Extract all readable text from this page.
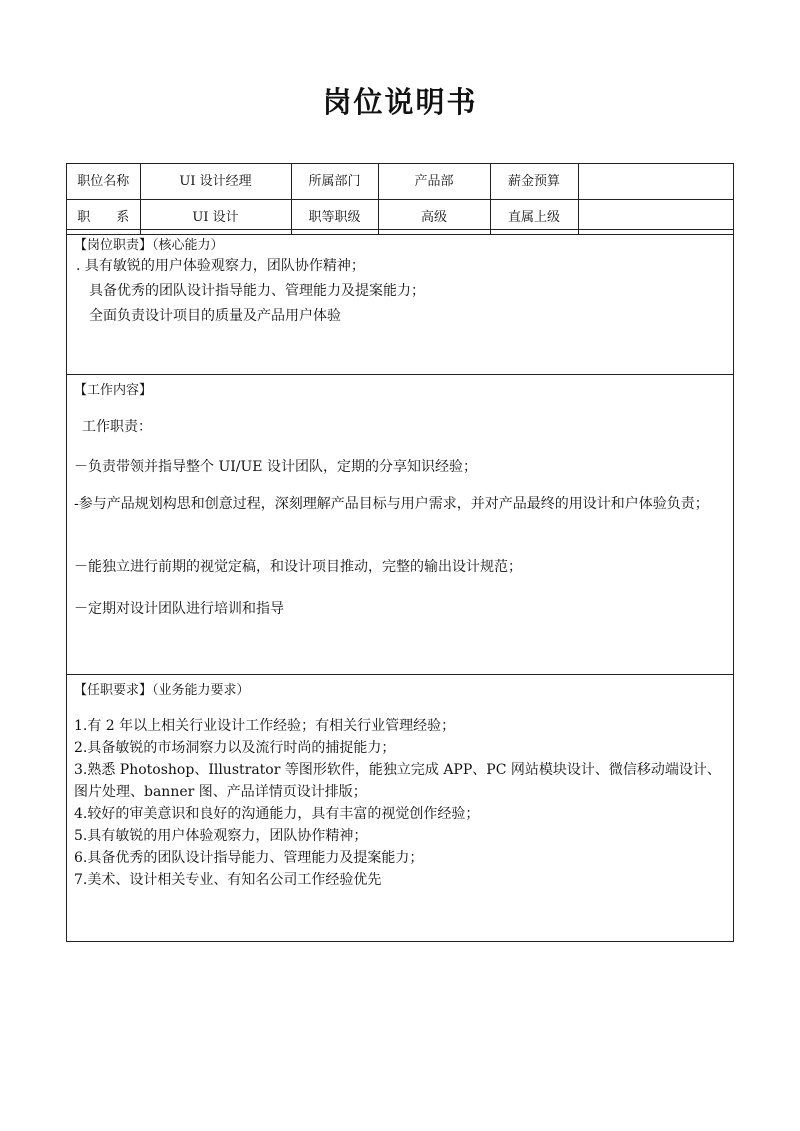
岗位说明书
职位名称	UI 设计经理	所属部门	产品部	薪金预算	
职　　系	UI 设计	职等职级	高级	直属上级	
【岗位职责】（核心能力）
. 具有敏锐的用户体验观察力，团队协作精神；
具备优秀的团队设计指导能力、管理能力及提案能力；
全面负责设计项目的质量及产品用户体验
【工作内容】
工作职责：
－负责带领并指导整个 UI/UE 设计团队，定期的分享知识经验；
-参与产品规划构思和创意过程，深刻理解产品目标与用户需求，并对产品最终的用设计和户体验负责；
－能独立进行前期的视觉定稿，和设计项目推动，完整的输出设计规范；
－定期对设计团队进行培训和指导
【任职要求】（业务能力要求）

1.有 2 年以上相关行业设计工作经验；有相关行业管理经验；

2.具备敏锐的市场洞察力以及流行时尚的捕捉能力；

3.熟悉 Photoshop、Illustrator 等图形软件，能独立完成 APP、PC 网站模块设计、微信移动端设计、图片处理、banner 图、产品详情页设计排版；

4.较好的审美意识和良好的沟通能力，具有丰富的视觉创作经验；

5.具有敏锐的用户体验观察力，团队协作精神；

6.具备优秀的团队设计指导能力、管理能力及提案能力；

7.美术、设计相关专业、有知名公司工作经验优先
